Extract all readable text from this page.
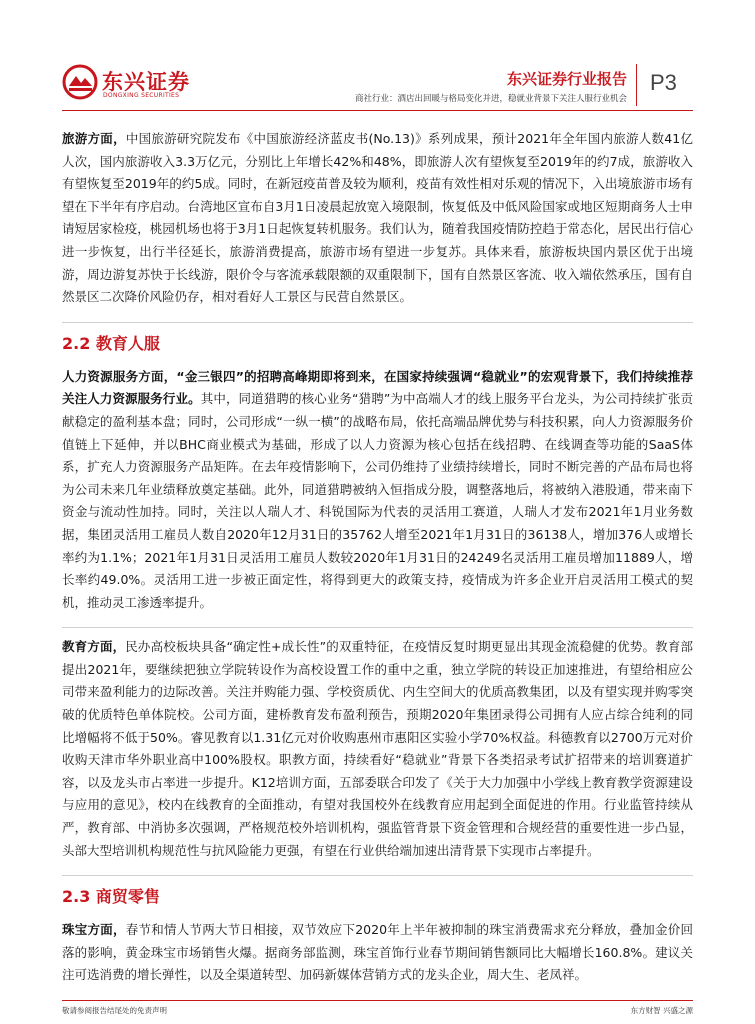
东兴证券
DONGXING SECURITIES
东兴证券行业报告
商社行业：酒店出回暖与格局变化并进，稳就业背景下关注人服行业机会
P3

旅游方面，中国旅游研究院发布《中国旅游经济蓝皮书(No.13)》系列成果，预计2021年全年国内旅游人数41亿人次，国内旅游收入3.3万亿元，分别比上年增长42%和48%，即旅游人次有望恢复至2019年的约7成，旅游收入有望恢复至2019年的约5成。同时，在新冠疫苗普及较为顺利，疫苗有效性相对乐观的情况下，入出境旅游市场有望在下半年有序启动。台湾地区宣布自3月1日凌晨起放宽入境限制，恢复低及中低风险国家或地区短期商务人士申请短居家检疫，桃园机场也将于3月1日起恢复转机服务。我们认为，随着我国疫情防控趋于常态化，居民出行信心进一步恢复，出行半径延长，旅游消费提高，旅游市场有望进一步复苏。具体来看，旅游板块国内景区优于出境游，周边游复苏快于长线游，限价令与客流承载限额的双重限制下，国有自然景区客流、收入端依然承压，国有自然景区二次降价风险仍存，相对看好人工景区与民营自然景区。

2.2 教育人服

人力资源服务方面，“金三银四”的招聘高峰期即将到来，在国家持续强调“稳就业”的宏观背景下，我们持续推荐关注人力资源服务行业。其中，同道猎聘的核心业务“猎聘”为中高端人才的线上服务平台龙头，为公司持续扩张贡献稳定的盈利基本盘；同时，公司形成“一纵一横”的战略布局，依托高端品牌优势与科技积累，向人力资源服务价值链上下延伸，并以BHC商业模式为基础，形成了以人力资源为核心包括在线招聘、在线调查等功能的SaaS体系，扩充人力资源服务产品矩阵。在去年疫情影响下，公司仍维持了业绩持续增长，同时不断完善的产品布局也将为公司未来几年业绩释放奠定基础。此外，同道猎聘被纳入恒指成分股，调整落地后，将被纳入港股通，带来南下资金与流动性加持。同时，关注以人瑞人才、科锐国际为代表的灵活用工赛道，人瑞人才发布2021年1月业务数据，集团灵活用工雇员人数自2020年12月31日的35762人增至2021年1月31日的36138人，增加376人或增长率约为1.1%；2021年1月31日灵活用工雇员人数较2020年1月31日的24249名灵活用工雇员增加11889人，增长率约49.0%。灵活用工进一步被正面定性，将得到更大的政策支持，疫情成为许多企业开启灵活用工模式的契机，推动灵工渗透率提升。

教育方面，民办高校板块具备“确定性+成长性”的双重特征，在疫情反复时期更显出其现金流稳健的优势。教育部提出2021年，要继续把独立学院转设作为高校设置工作的重中之重，独立学院的转设正加速推进，有望给相应公司带来盈利能力的边际改善。关注并购能力强、学校资质优、内生空间大的优质高教集团，以及有望实现并购零突破的优质特色单体院校。公司方面，建桥教育发布盈利预告，预期2020年集团录得公司拥有人应占综合纯利的同比增幅将不低于50%。睿见教育以1.31亿元对价收购惠州市惠阳区实验小学70%权益。科德教育以2700万元对价收购天津市华外职业高中100%股权。职教方面，持续看好“稳就业”背景下各类招录考试扩招带来的培训赛道扩容，以及龙头市占率进一步提升。K12培训方面，五部委联合印发了《关于大力加强中小学线上教育教学资源建设与应用的意见》，校内在线教育的全面推动，有望对我国校外在线教育应用起到全面促进的作用。行业监管持续从严，教育部、中消协多次强调，严格规范校外培训机构，强监管背景下资金管理和合规经营的重要性进一步凸显，头部大型培训机构规范性与抗风险能力更强，有望在行业供给端加速出清背景下实现市占率提升。

2.3 商贸零售

珠宝方面，春节和情人节两大节日相接，双节效应下2020年上半年被抑制的珠宝消费需求充分释放，叠加金价回落的影响，黄金珠宝市场销售火爆。据商务部监测，珠宝首饰行业春节期间销售额同比大幅增长160.8%。建议关注可选消费的增长弹性，以及全渠道转型、加码新媒体营销方式的龙头企业，周大生、老凤祥。

敬请参阅报告结尾处的免责声明	东方财智 兴盛之源
